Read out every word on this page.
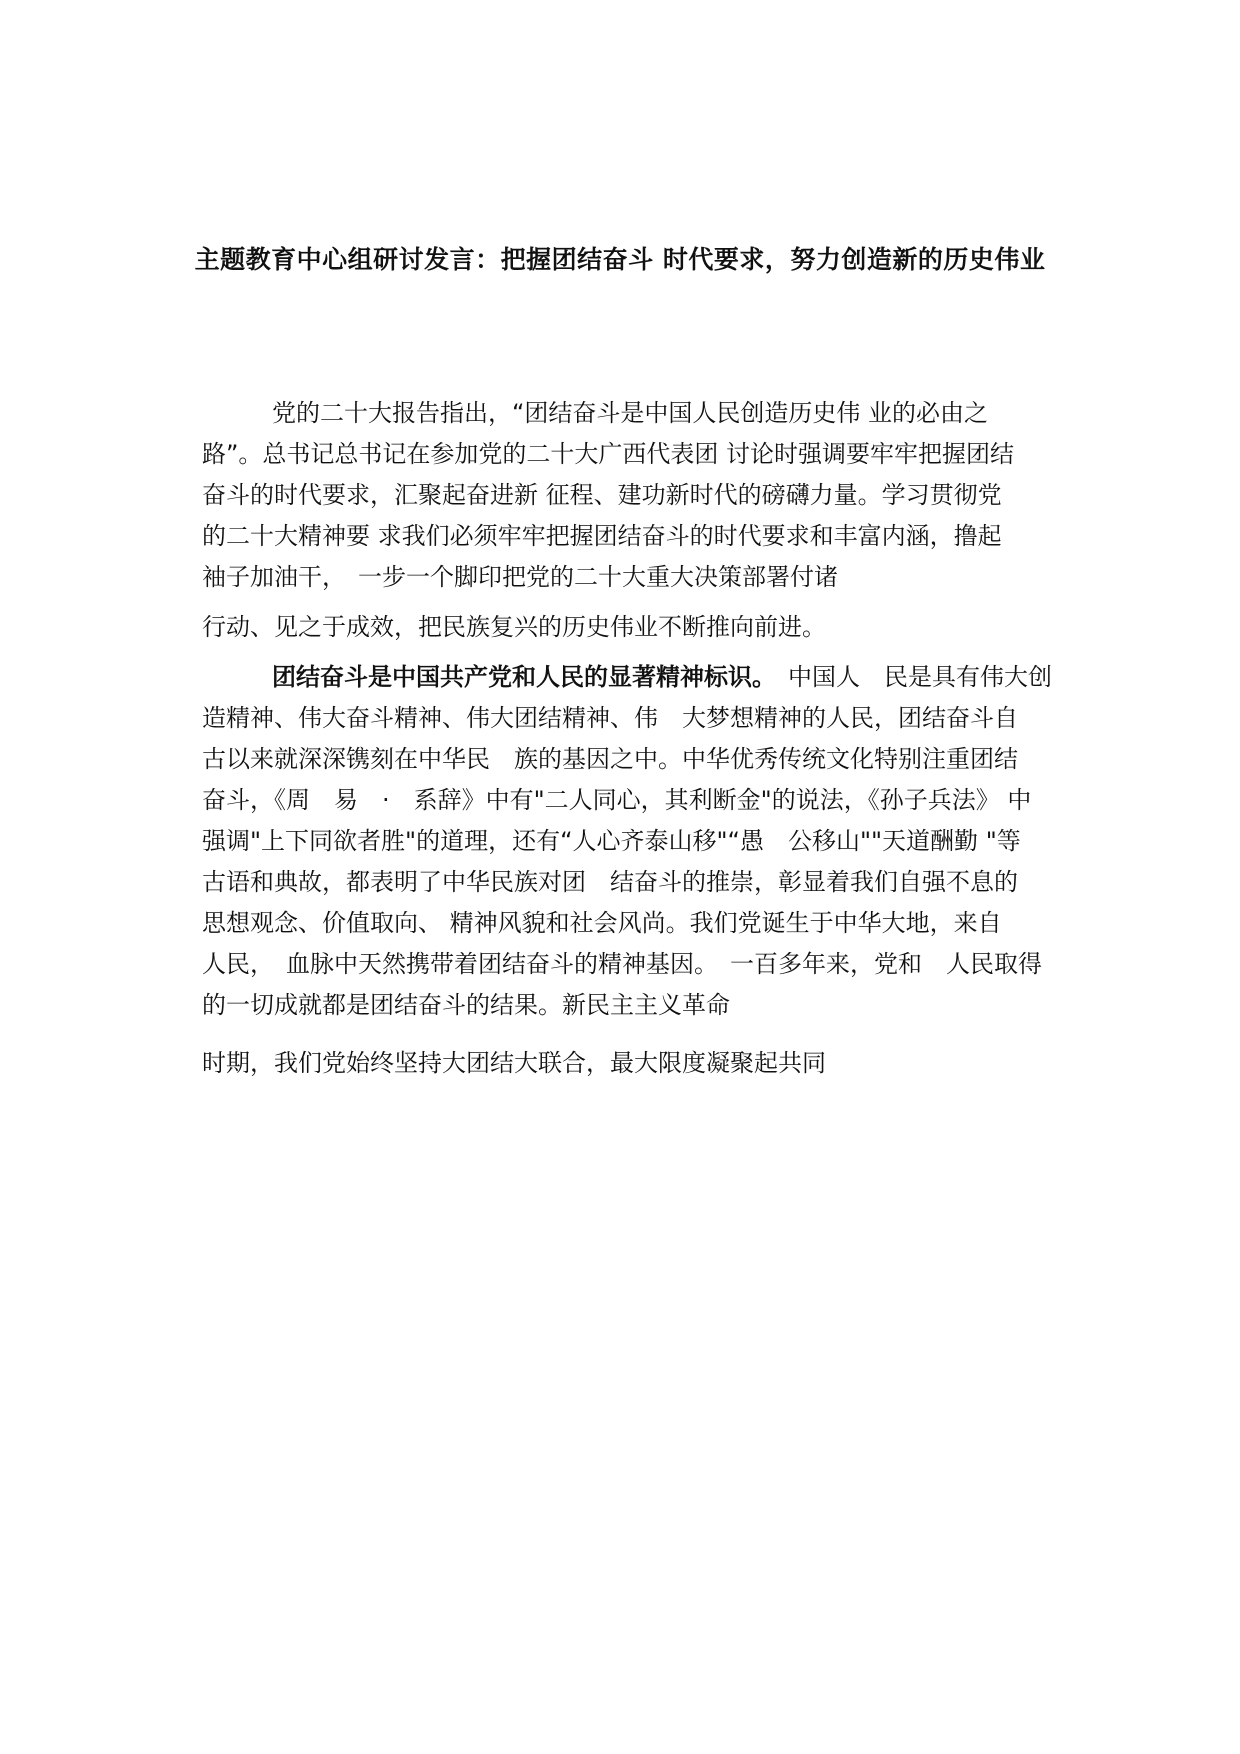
主题教育中心组研讨发言：把握团结奋斗 时代要求，努力创造新的历史伟业
党的二十大报告指出，“团结奋斗是中国人民创造历史伟 业的必由之
路”。总书记总书记在参加党的二十大广西代表团 讨论时强调要牢牢把握团结
奋斗的时代要求，汇聚起奋进新 征程、建功新时代的磅礴力量。学习贯彻党
的二十大精神要 求我们必须牢牢把握团结奋斗的时代要求和丰富内涵，撸起
袖子加油干，　一步一个脚印把党的二十大重大决策部署付诸
行动、见之于成效，把民族复兴的历史伟业不断推向前进。
团结奋斗是中国共产党和人民的显著精神标识。　中国人　民是具有伟大创
造精神、伟大奋斗精神、伟大团结精神、伟　大梦想精神的人民，团结奋斗自
古以来就深深镌刻在中华民　族的基因之中。中华优秀传统文化特别注重团结
奋斗，《周　易　·　系辞》中有"二人同心，其利断金"的说法，《孙子兵法》 中
强调"上下同欲者胜"的道理，还有“人心齐泰山移"“愚　公移山""天道酬勤 "等
古语和典故，都表明了中华民族对团　结奋斗的推崇，彰显着我们自强不息的
思想观念、价值取向、 精神风貌和社会风尚。我们党诞生于中华大地，来自
人民，　血脉中天然携带着团结奋斗的精神基因。　一百多年来，党和　人民取得
的一切成就都是团结奋斗的结果。新民主主义革命
时期，我们党始终坚持大团结大联合，最大限度凝聚起共同
